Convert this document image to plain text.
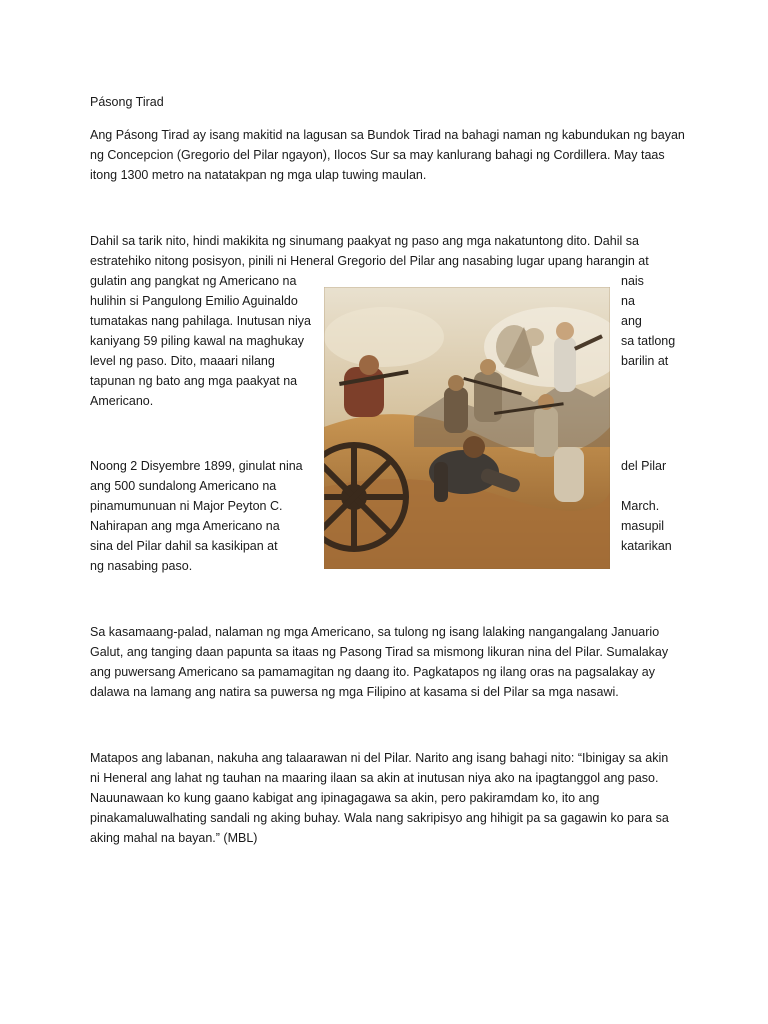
Pásong Tirad
Ang Pásong Tirad ay isang makitid na lagusan sa Bundok Tirad na bahagi naman ng kabundukan ng bayan
ng Concepcion (Gregorio del Pilar ngayon), Ilocos Sur sa may kanlurang bahagi ng Cordillera. May taas
itong 1300 metro na natatakpan ng mga ulap tuwing maulan.
Dahil sa tarik nito, hindi makikita ng sinumang paakyat ng paso ang mga nakatuntong dito. Dahil sa
estratehiko nitong posisyon, pinili ni Heneral Gregorio del Pilar ang nasabing lugar upang harangin at
gulatin ang pangkat ng Americano na
hulihin si Pangulong Emilio Aguinaldo
tumatakas nang pahilaga. Inutusan niya
kaniyang 59 piling kawal na maghukay
level ng paso. Dito, maaari nilang
tapunan ng bato ang mga paakyat na
Americano.
nais
na
ang
sa tatlong
barilin at
Noong 2 Disyembre 1899, ginulat nina
ang 500 sundalong Americano na
pinamumunuan ni Major Peyton C.
Nahirapan ang mga Americano na
sina del Pilar dahil sa kasikipan at
ng nasabing paso.
del Pilar
March.
masupil
katarikan
Sa kasamaang-palad, nalaman ng mga Americano, sa tulong ng isang lalaking nangangalang Januario
Galut, ang tanging daan papunta sa itaas ng Pasong Tirad sa mismong likuran nina del Pilar. Sumalakay
ang puwersang Americano sa pamamagitan ng daang ito. Pagkatapos ng ilang oras na pagsalakay ay
dalawa na lamang ang natira sa puwersa ng mga Filipino at kasama si del Pilar sa mga nasawi.
Matapos ang labanan, nakuha ang talaarawan ni del Pilar. Narito ang isang bahagi nito: “Ibinigay sa akin
ni Heneral ang lahat ng tauhan na maaring ilaan sa akin at inutusan niya ako na ipagtanggol ang paso.
Nauunawaan ko kung gaano kabigat ang ipinagagawa sa akin, pero pakiramdam ko, ito ang
pinakamaluwalhating sandali ng aking buhay. Wala nang sakripisyo ang hihigit pa sa gagawin ko para sa
aking mahal na bayan.” (MBL)
